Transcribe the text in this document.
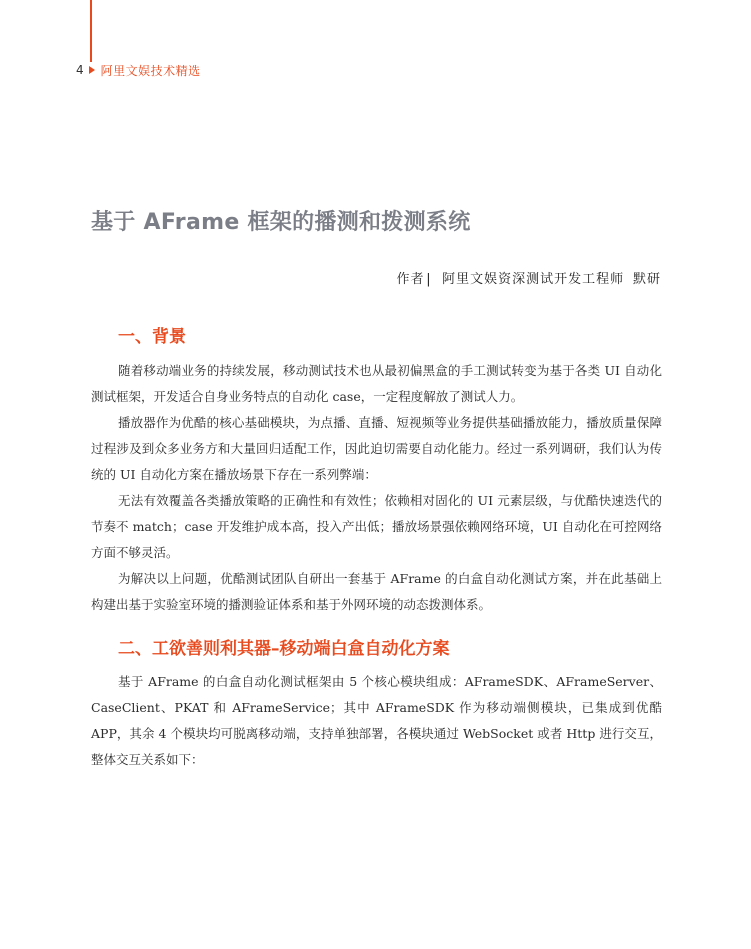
4 阿里文娱技术精选
基于 AFrame 框架的播测和拨测系统
作者| 阿里文娱资深测试开发工程师 默研
一、背景

随着移动端业务的持续发展，移动测试技术也从最初偏黑盒的手工测试转变为基于各类 UI 自动化测试框架，开发适合自身业务特点的自动化 case，一定程度解放了测试人力。

播放器作为优酷的核心基础模块，为点播、直播、短视频等业务提供基础播放能力，播放质量保障过程涉及到众多业务方和大量回归适配工作，因此迫切需要自动化能力。经过一系列调研，我们认为传统的 UI 自动化方案在播放场景下存在一系列弊端：

无法有效覆盖各类播放策略的正确性和有效性；依赖相对固化的 UI 元素层级，与优酷快速迭代的节奏不 match；case 开发维护成本高，投入产出低；播放场景强依赖网络环境，UI 自动化在可控网络方面不够灵活。

为解决以上问题，优酷测试团队自研出一套基于 AFrame 的白盒自动化测试方案，并在此基础上构建出基于实验室环境的播测验证体系和基于外网环境的动态拨测体系。

二、工欲善则利其器–移动端白盒自动化方案

基于 AFrame 的白盒自动化测试框架由 5 个核心模块组成：AFrameSDK、AFrameServer、CaseClient、PKAT 和 AFrameService；其中 AFrameSDK 作为移动端侧模块，已集成到优酷 APP，其余 4 个模块均可脱离移动端，支持单独部署，各模块通过 WebSocket 或者 Http 进行交互，整体交互关系如下：
